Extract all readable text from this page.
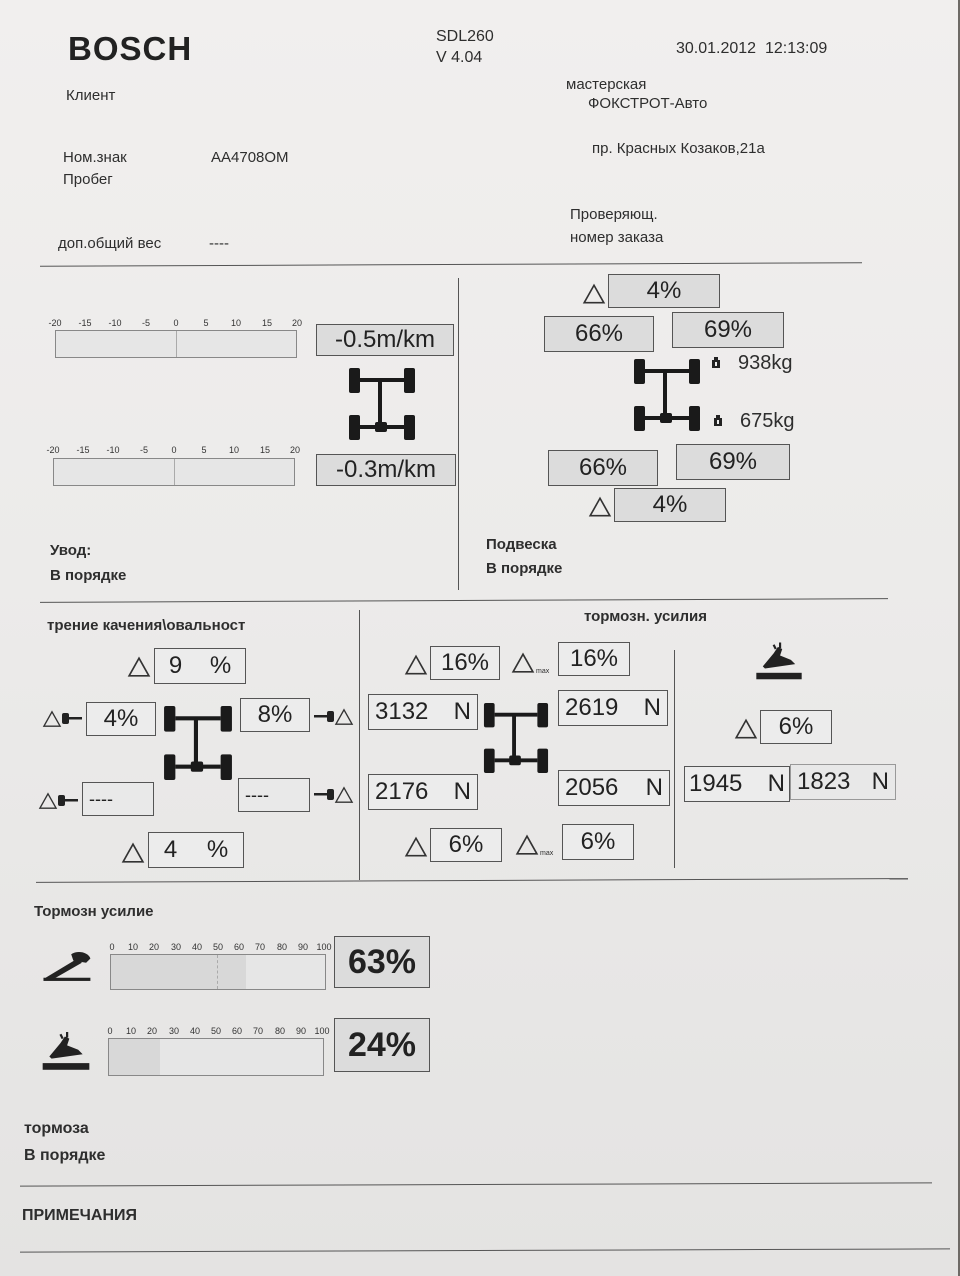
BOSCH	SDL260
V 4.04
30.01.2012  12:13:09
Клиент
мастерская
ФОКСТРОТ-Авто
Ном.знак	AA4708OM
Пробег
пр. Красных Козаков,21а
Проверяющ.
номер заказа
доп.общий вес	----
-20 -15 -10 -5	0	5 10 15 20
-0.5m/km
-20 -15 -10 -5	0	5 10 15 20
-0.3m/km
Увод:
В порядке
4%
66%	69%
938kg
675kg
66%	69%
4%
Подвеска
В порядке
трение качения\овальност
9 %
4%	8%
----	----
4 %
тормозн. усилия
16%	max 16%
3132 N	2619 N
2176 N	2056 N
6%	max	6%
6%
1945 N 1823 N
Тормозн усилие
0 10 20 30 40 50 60 70 80 90 100 63%
0 10 20 30 40 50 60 70 80 90 100 24%
тормоза
В порядке
ПРИМЕЧАНИЯ
